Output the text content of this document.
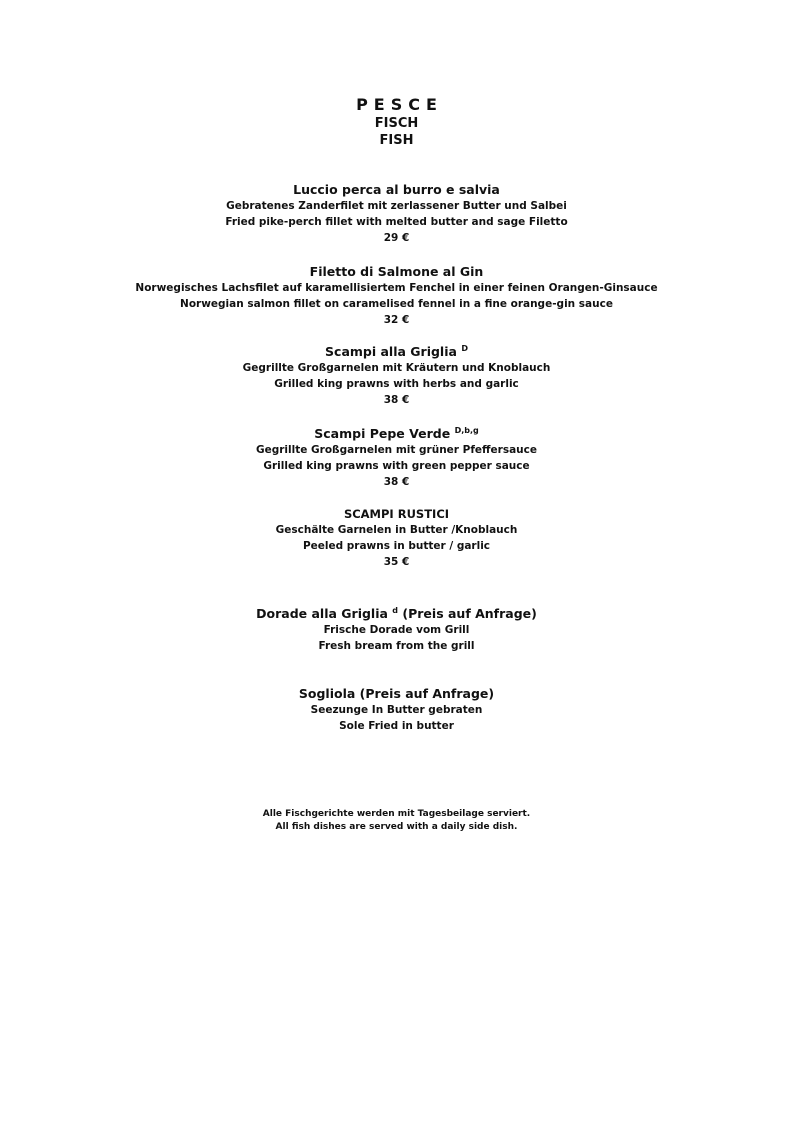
PESCE
FISCH
FISH
Luccio perca al burro e salvia
Gebratenes Zanderfilet mit zerlassener Butter und Salbei
Fried pike-perch fillet with melted butter and sage Filetto
29 €
Filetto di Salmone al Gin
Norwegisches Lachsfilet auf karamellisiertem Fenchel in einer feinen Orangen-Ginsauce
Norwegian salmon fillet on caramelised fennel in a fine orange-gin sauce
32 €
Scampi alla Griglia $^D$
Gegrillte Großgarnelen mit Kräutern und Knoblauch
Grilled king prawns with herbs and garlic
38 €
Scampi Pepe Verde $^{D,b,g}$
Gegrillte Großgarnelen mit grüner Pfeffersauce
Grilled king prawns with green pepper sauce
38 €
SCAMPI RUSTICI
Geschälte Garnelen in Butter /Knoblauch
Peeled prawns in butter / garlic
35 €
Dorade alla Griglia $^d$ (Preis auf Anfrage)
Frische Dorade vom Grill
Fresh bream from the grill
Sogliola (Preis auf Anfrage)
Seezunge In Butter gebraten
Sole Fried in butter
Alle Fischgerichte werden mit Tagesbeilage serviert.
All fish dishes are served with a daily side dish.
